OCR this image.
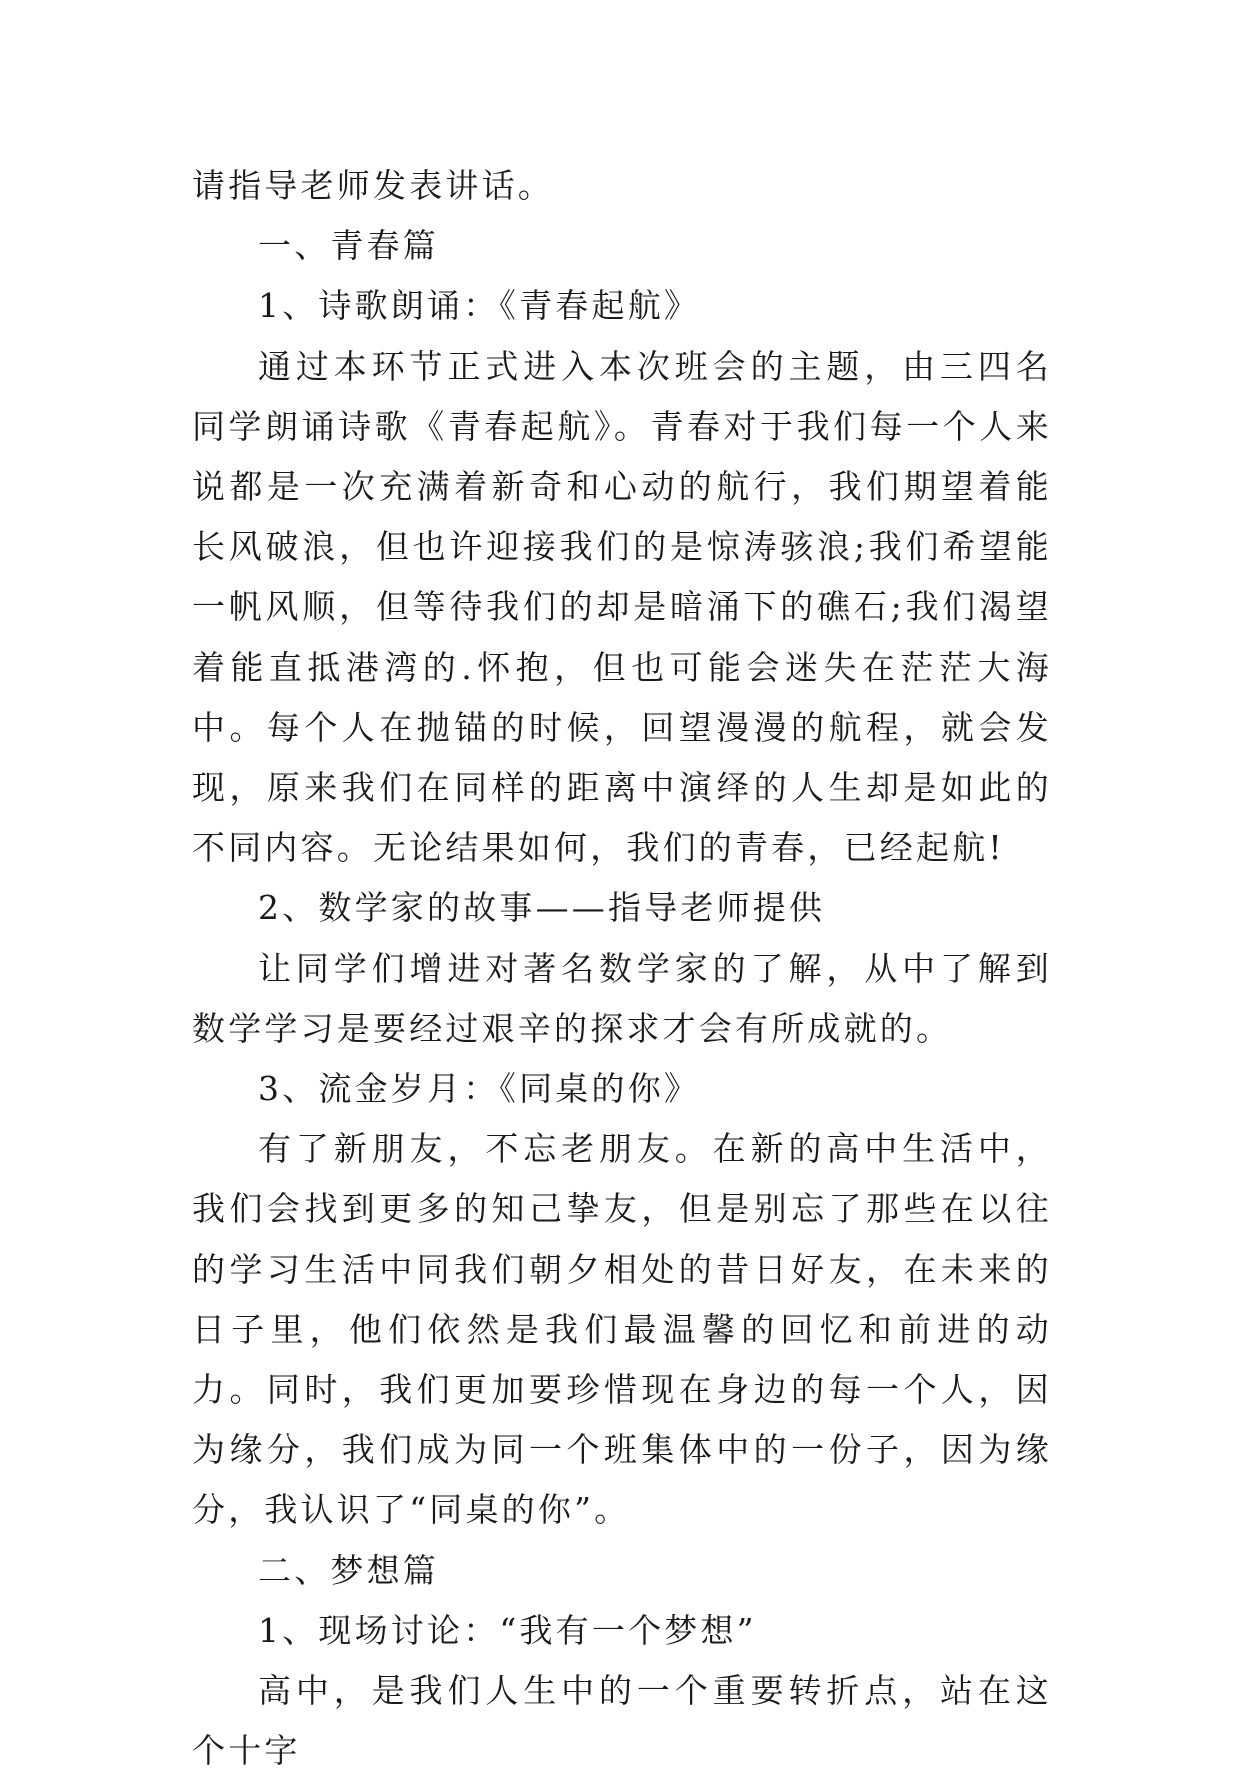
请指导老师发表讲话。

一、青春篇

1、诗歌朗诵：《青春起航》

通过本环节正式进入本次班会的主题，由三四名同学朗诵诗歌《青春起航》。青春对于我们每一个人来说都是一次充满着新奇和心动的航行，我们期望着能长风破浪，但也许迎接我们的是惊涛骇浪;我们希望能一帆风顺，但等待我们的却是暗涌下的礁石;我们渴望着能直抵港湾的.怀抱，但也可能会迷失在茫茫大海中。每个人在抛锚的时候，回望漫漫的航程，就会发现，原来我们在同样的距离中演绎的人生却是如此的不同内容。无论结果如何，我们的青春，已经起航!

2、数学家的故事——指导老师提供

让同学们增进对著名数学家的了解，从中了解到数学学习是要经过艰辛的探求才会有所成就的。

3、流金岁月：《同桌的你》

有了新朋友，不忘老朋友。在新的高中生活中，我们会找到更多的知己挚友，但是别忘了那些在以往的学习生活中同我们朝夕相处的昔日好友，在未来的日子里，他们依然是我们最温馨的回忆和前进的动力。同时，我们更加要珍惜现在身边的每一个人，因为缘分，我们成为同一个班集体中的一份子，因为缘分，我认识了“同桌的你”。

二、梦想篇

1、现场讨论：“我有一个梦想”

高中，是我们人生中的一个重要转折点，站在这个十字
